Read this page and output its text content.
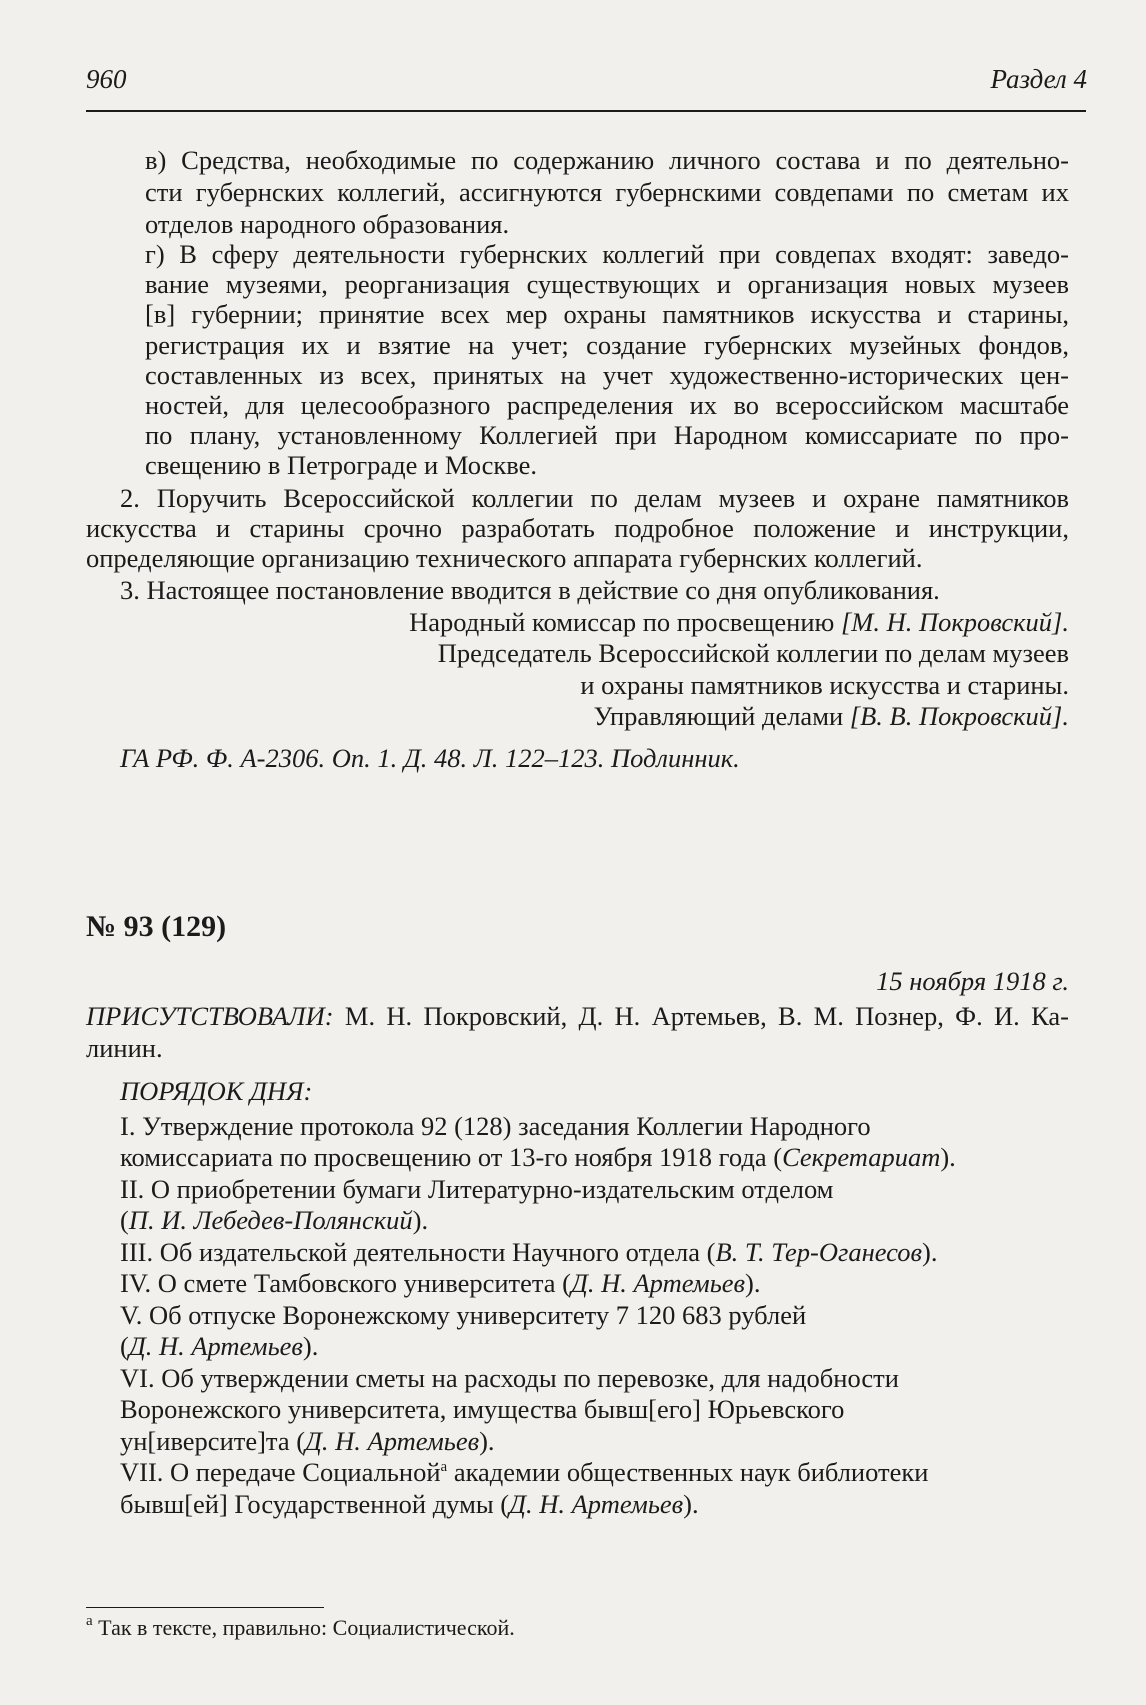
960	Раздел 4
в) Средства, необходимые по содержанию личного состава и по деятельно-
сти губернских коллегий, ассигнуются губернскими совдепами по сметам их
отделов народного образования.
г) В сферу деятельности губернских коллегий при совдепах входят: заведо-
вание музеями, реорганизация существующих и организация новых музеев
[в] губернии; принятие всех мер охраны памятников искусства и старины,
регистрация их и взятие на учет; создание губернских музейных фондов,
составленных из всех, принятых на учет художественно-исторических цен-
ностей, для целесообразного распределения их во всероссийском масштабе
по плану, установленному Коллегией при Народном комиссариате по про-
свещению в Петрограде и Москве.
2. Поручить Всероссийской коллегии по делам музеев и охране памятников
искусства и старины срочно разработать подробное положение и инструкции,
определяющие организацию технического аппарата губернских коллегий.
3. Настоящее постановление вводится в действие со дня опубликования.
Народный комиссар по просвещению [М. Н. Покровский].
Председатель Всероссийской коллегии по делам музеев
и охраны памятников искусства и старины.
Управляющий делами [В. В. Покровский].
ГА РФ. Ф. А-2306. Оп. 1. Д. 48. Л. 122–123. Подлинник.
№ 93 (129)
15 ноября 1918 г.
ПРИСУТСТВОВАЛИ: М. Н. Покровский, Д. Н. Артемьев, В. М. Познер, Ф. И. Ка-
линин.
ПОРЯДОК ДНЯ:
I. Утверждение протокола 92 (128) заседания Коллегии Народного
комиссариата по просвещению от 13-го ноября 1918 года (Секретариат).
II. О приобретении бумаги Литературно-издательским отделом
(П. И. Лебедев-Полянский).
III. Об издательской деятельности Научного отдела (В. Т. Тер-Оганесов).
IV. О смете Тамбовского университета (Д. Н. Артемьев).
V. Об отпуске Воронежскому университету 7 120 683 рублей
(Д. Н. Артемьев).
VI. Об утверждении сметы на расходы по перевозке, для надобности
Воронежского университета, имущества бывш[его] Юрьевского
ун[иверсите]та (Д. Н. Артемьев).
VII. О передаче Социальной$^а$ академии общественных наук библиотеки
бывш[ей] Государственной думы (Д. Н. Артемьев).
$^а$ Так в тексте, правильно: Социалистической.
